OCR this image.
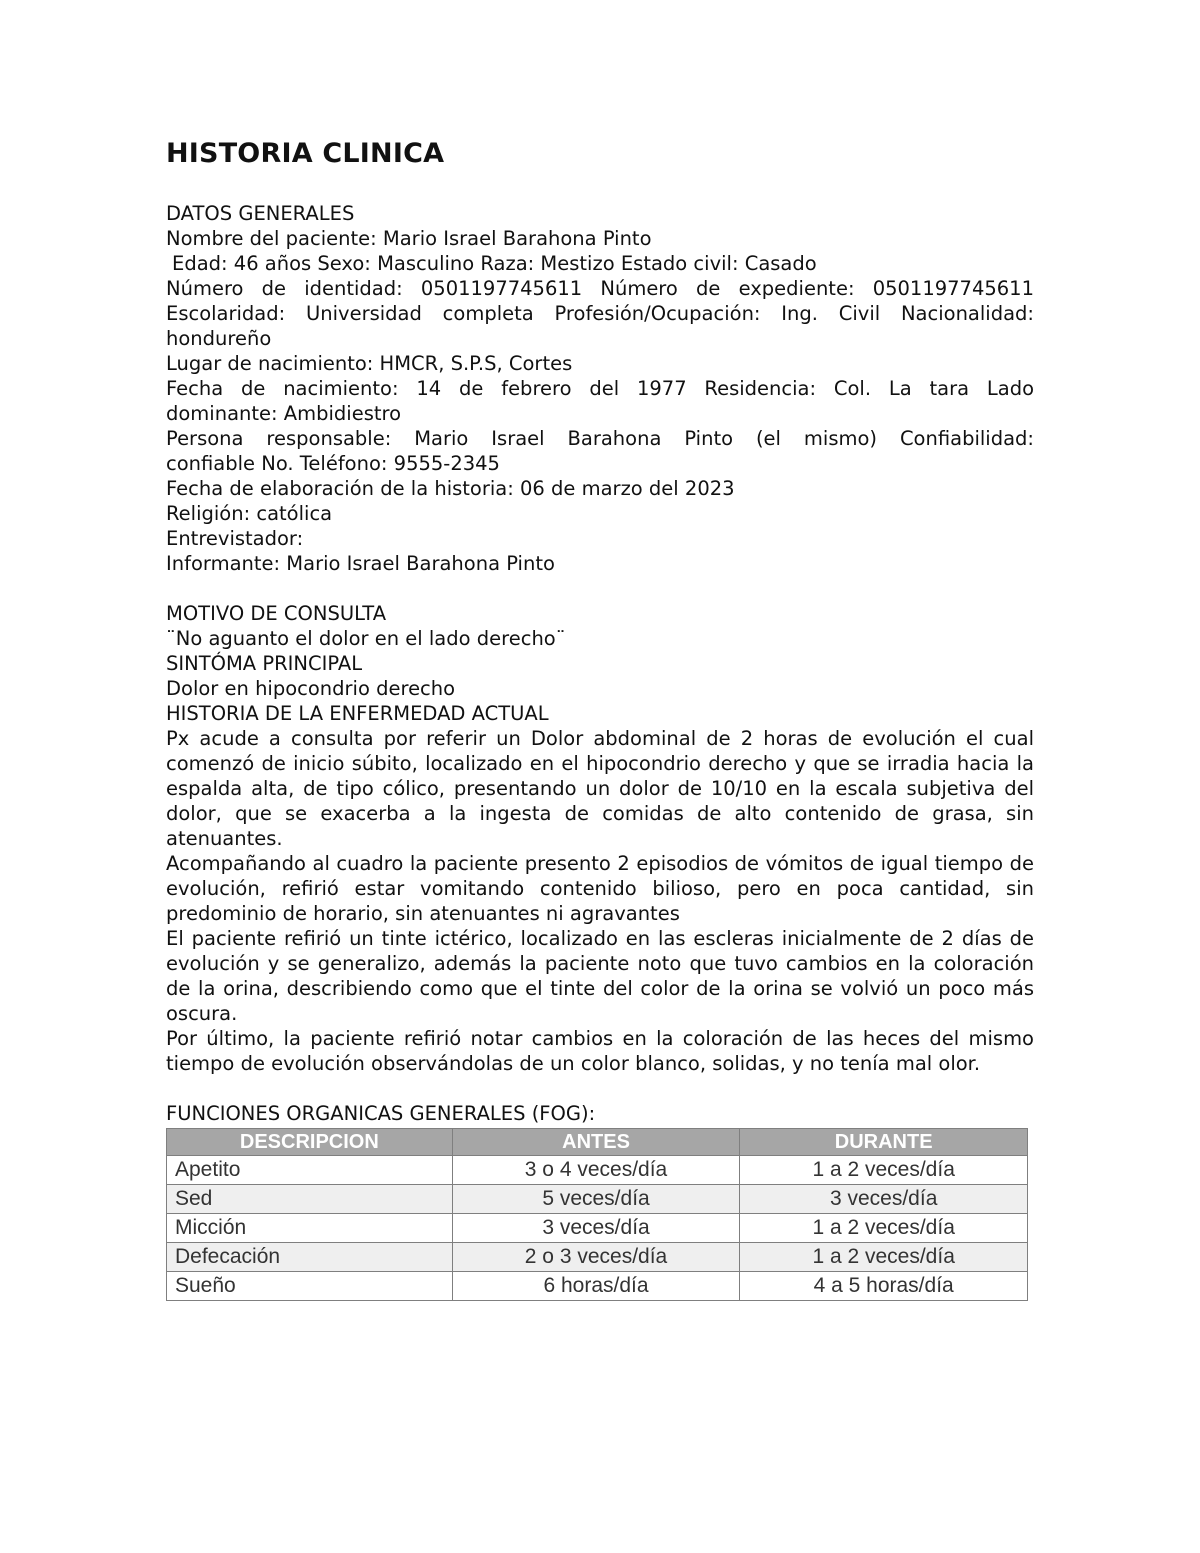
HISTORIA CLINICA

DATOS GENERALES

Nombre del paciente: Mario Israel Barahona Pinto

Edad: 46 años Sexo: Masculino Raza: Mestizo Estado civil: Casado

Número de identidad: 0501197745611 Número de expediente: 0501197745611

Escolaridad: Universidad completa Profesión/Ocupación: Ing. Civil Nacionalidad:

hondureño

Lugar de nacimiento: HMCR, S.P.S, Cortes

Fecha de nacimiento: 14 de febrero del 1977 Residencia: Col. La tara Lado

dominante: Ambidiestro

Persona responsable: Mario Israel Barahona Pinto (el mismo) Confiabilidad:

confiable No. Teléfono: 9555-2345

Fecha de elaboración de la historia: 06 de marzo del 2023

Religión: católica

Entrevistador:

Informante: Mario Israel Barahona Pinto

MOTIVO DE CONSULTA

¨No aguanto el dolor en el lado derecho¨

SINTÓMA PRINCIPAL

Dolor en hipocondrio derecho

HISTORIA DE LA ENFERMEDAD ACTUAL

Px acude a consulta por referir un Dolor abdominal de 2 horas de evolución el cual comenzó de inicio súbito, localizado en el hipocondrio derecho y que se irradia hacia la espalda alta, de tipo cólico, presentando un dolor de 10/10 en la escala subjetiva del dolor, que se exacerba a la ingesta de comidas de alto contenido de grasa, sin atenuantes.

Acompañando al cuadro la paciente presento 2 episodios de vómitos de igual tiempo de evolución, refirió estar vomitando contenido bilioso, pero en poca cantidad, sin predominio de horario, sin atenuantes ni agravantes

El paciente refirió un tinte ictérico, localizado en las escleras inicialmente de 2 días de evolución y se generalizo, además la paciente noto que tuvo cambios en la coloración de la orina, describiendo como que el tinte del color de la orina se volvió un poco más oscura.

Por último, la paciente refirió notar cambios en la coloración de las heces del mismo tiempo de evolución observándolas de un color blanco, solidas, y no tenía mal olor.

FUNCIONES ORGANICAS GENERALES (FOG):

DESCRIPCION	ANTES	DURANTE
Apetito	3 o 4 veces/día	1 a 2 veces/día
Sed	5 veces/día	3 veces/día
Micción	3 veces/día	1 a 2 veces/día
Defecación	2 o 3 veces/día	1 a 2 veces/día
Sueño	6 horas/día	4 a 5 horas/día
